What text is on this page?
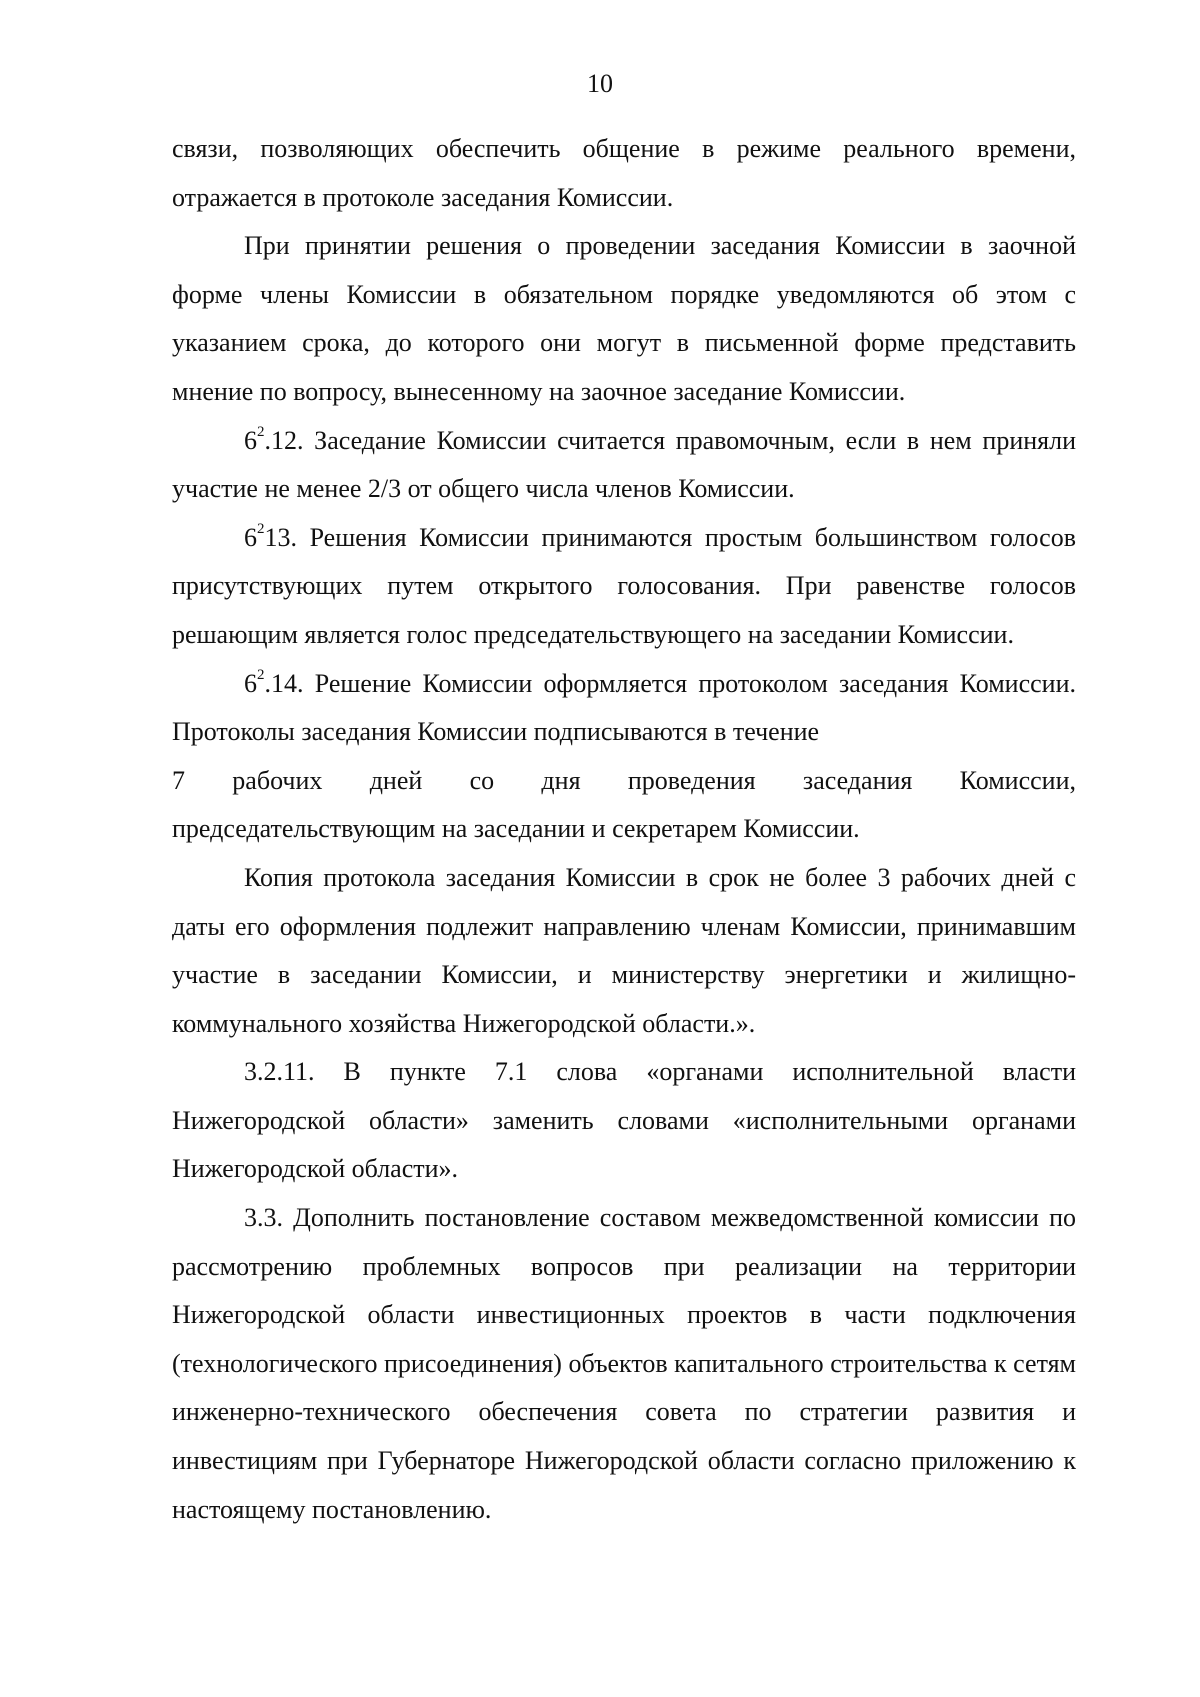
10

связи, позволяющих обеспечить общение в режиме реального времени, отражается в протоколе заседания Комиссии.

При принятии решения о проведении заседания Комиссии в заочной форме члены Комиссии в обязательном порядке уведомляются об этом с указанием срока, до которого они могут в письменной форме представить мнение по вопросу, вынесенному на заочное заседание Комиссии.

$6^2.12$. Заседание Комиссии считается правомочным, если в нем приняли участие не менее 2/3 от общего числа членов Комиссии.

$6^213$. Решения Комиссии принимаются простым большинством голосов присутствующих путем открытого голосования. При равенстве голосов решающим является голос председательствующего на заседании Комиссии.

$6^2.14$. Решение Комиссии оформляется протоколом заседания Комиссии. Протоколы заседания Комиссии подписываются в течение

7 рабочих дней со дня проведения заседания Комиссии,

председательствующим на заседании и секретарем Комиссии.

Копия протокола заседания Комиссии в срок не более 3 рабочих дней с даты его оформления подлежит направлению членам Комиссии, принимавшим участие в заседании Комиссии, и министерству энергетики и жилищно-коммунального хозяйства Нижегородской области.».

3.2.11. В пункте 7.1 слова «органами исполнительной власти Нижегородской области» заменить словами «исполнительными органами Нижегородской области».

3.3. Дополнить постановление составом межведомственной комиссии по рассмотрению проблемных вопросов при реализации на территории Нижегородской области инвестиционных проектов в части подключения (технологического присоединения) объектов капитального строительства к сетям инженерно-технического обеспечения совета по стратегии развития и инвестициям при Губернаторе Нижегородской области согласно приложению к настоящему постановлению.
